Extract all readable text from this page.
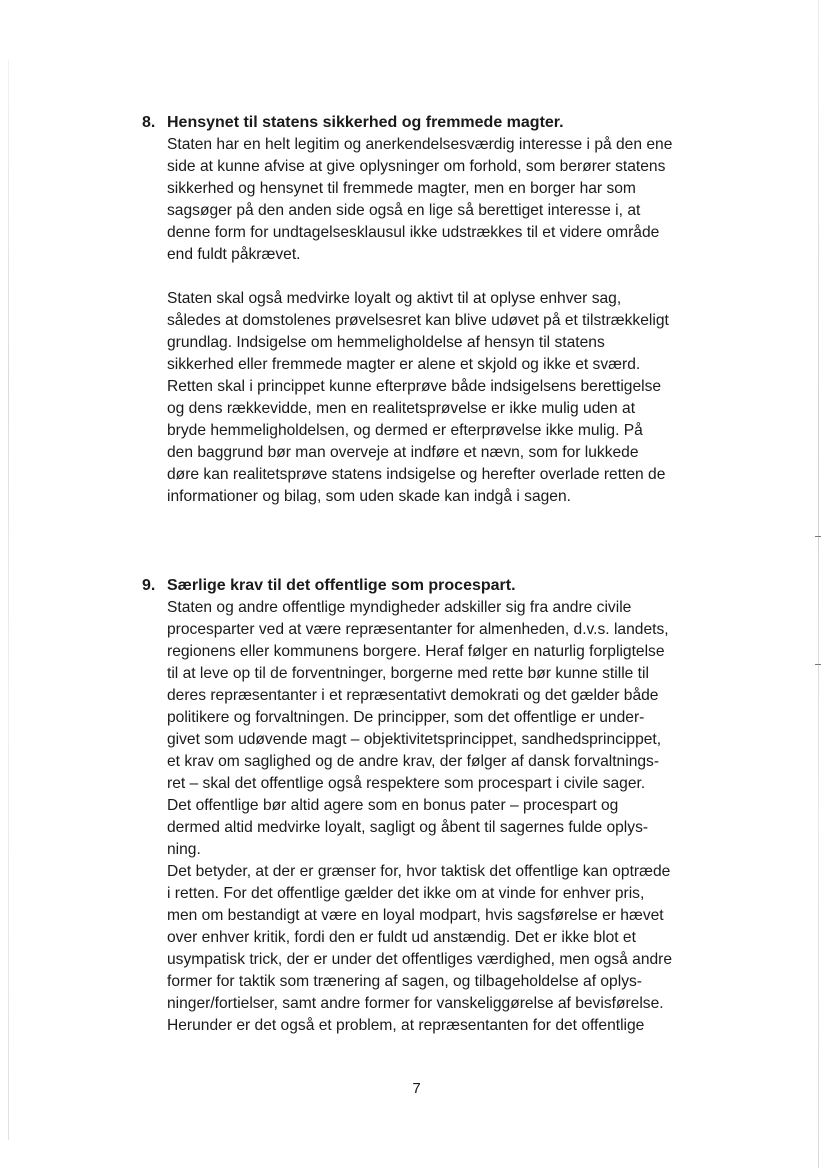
8. Hensynet til statens sikkerhed og fremmede magter.

Staten har en helt legitim og anerkendelsesværdig interesse i på den ene
side at kunne afvise at give oplysninger om forhold, som berører statens
sikkerhed og hensynet til fremmede magter, men en borger har som
sagsøger på den anden side også en lige så berettiget interesse i, at
denne form for undtagelsesklausul ikke udstrækkes til et videre område
end fuldt påkrævet.

Staten skal også medvirke loyalt og aktivt til at oplyse enhver sag,
således at domstolenes prøvelsesret kan blive udøvet på et tilstrækkeligt
grundlag. Indsigelse om hemmeligholdelse af hensyn til statens
sikkerhed eller fremmede magter er alene et skjold og ikke et sværd.
Retten skal i princippet kunne efterprøve både indsigelsens berettigelse
og dens rækkevidde, men en realitetsprøvelse er ikke mulig uden at
bryde hemmeligholdelsen, og dermed er efterprøvelse ikke mulig. På
den baggrund bør man overveje at indføre et nævn, som for lukkede
døre kan realitetsprøve statens indsigelse og herefter overlade retten de
informationer og bilag, som uden skade kan indgå i sagen.

9. Særlige krav til det offentlige som procespart.

Staten og andre offentlige myndigheder adskiller sig fra andre civile
procesparter ved at være repræsentanter for almenheden, d.v.s. landets,
regionens eller kommunens borgere. Heraf følger en naturlig forpligtelse
til at leve op til de forventninger, borgerne med rette bør kunne stille til
deres repræsentanter i et repræsentativt demokrati og det gælder både
politikere og forvaltningen. De principper, som det offentlige er under-
givet som udøvende magt – objektivitetsprincippet, sandhedsprincippet,
et krav om saglighed og de andre krav, der følger af dansk forvaltnings-
ret – skal det offentlige også respektere som procespart i civile sager.
Det offentlige bør altid agere som en bonus pater – procespart og
dermed altid medvirke loyalt, sagligt og åbent til sagernes fulde oplys-
ning.

Det betyder, at der er grænser for, hvor taktisk det offentlige kan optræde
i retten. For det offentlige gælder det ikke om at vinde for enhver pris,
men om bestandigt at være en loyal modpart, hvis sagsførelse er hævet
over enhver kritik, fordi den er fuldt ud anstændig. Det er ikke blot et
usympatisk trick, der er under det offentliges værdighed, men også andre
former for taktik som trænering af sagen, og tilbageholdelse af oplys-
ninger/fortielser, samt andre former for vanskeliggørelse af bevisførelse.
Herunder er det også et problem, at repræsentanten for det offentlige

7
